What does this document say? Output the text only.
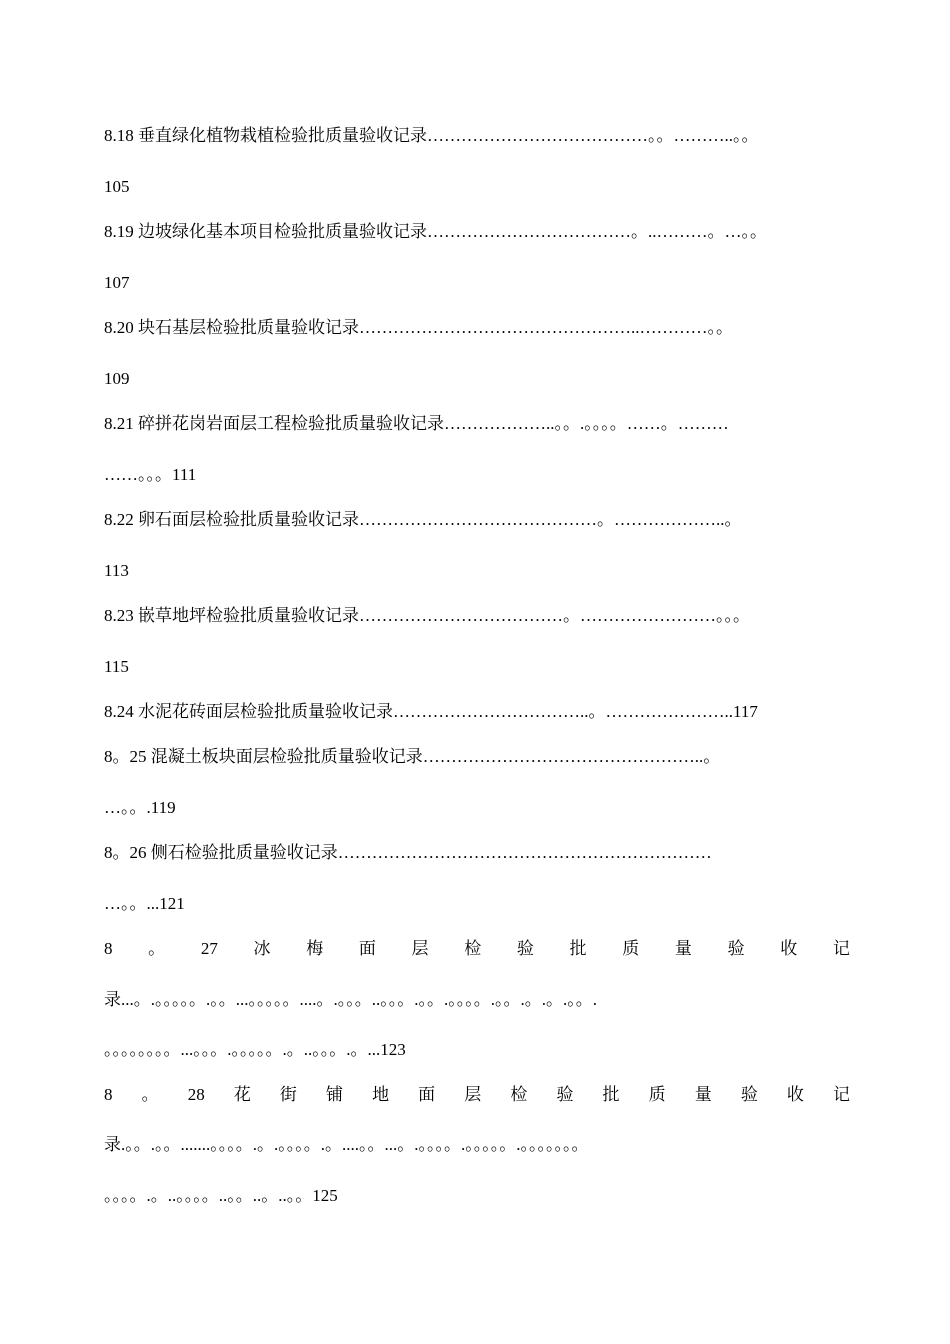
8.18 垂直绿化植物栽植检验批质量验收记录…………………………………。。………..。。
105
8.19 边坡绿化基本项目检验批质量验收记录………………………………。..………。…。。
107
8.20 块石基层检验批质量验收记录…………………………………………..…………。。
109
8.21 碎拼花岗岩面层工程检验批质量验收记录………………..。。.。。。。……。………
……。。。111
8.22 卵石面层检验批质量验收记录……………………………………。………………..。
113
8.23 嵌草地坪检验批质量验收记录………………………………。……………………。。。
115
8.24 水泥花砖面层检验批质量验收记录……………………………..。…………………..117
8。25 混凝土板块面层检验批质量验收记录…………………………………………..。
…。。.119
8。26 侧石检验批质量验收记录…………………………………………………………
…。。...121
8 。 27 冰 梅 面 层 检 验 批 质 量 验 收 记
录...。.。。。。。.。。...。。。。。....。.。。。..。。。.。。.。。。。.。。.。.。.。。.
。。。。。。。。...。。。.。。。。。.。..。。。.。...123
8 。 28 花 街 铺 地 面 层 检 验 批 质 量 验 收 记
录.。。.。。.......。。。。.。.。。。。.。....。。...。.。。。。.。。。。。.。。。。。。。
。。。。.。..。。。。..。。..。..。。125
